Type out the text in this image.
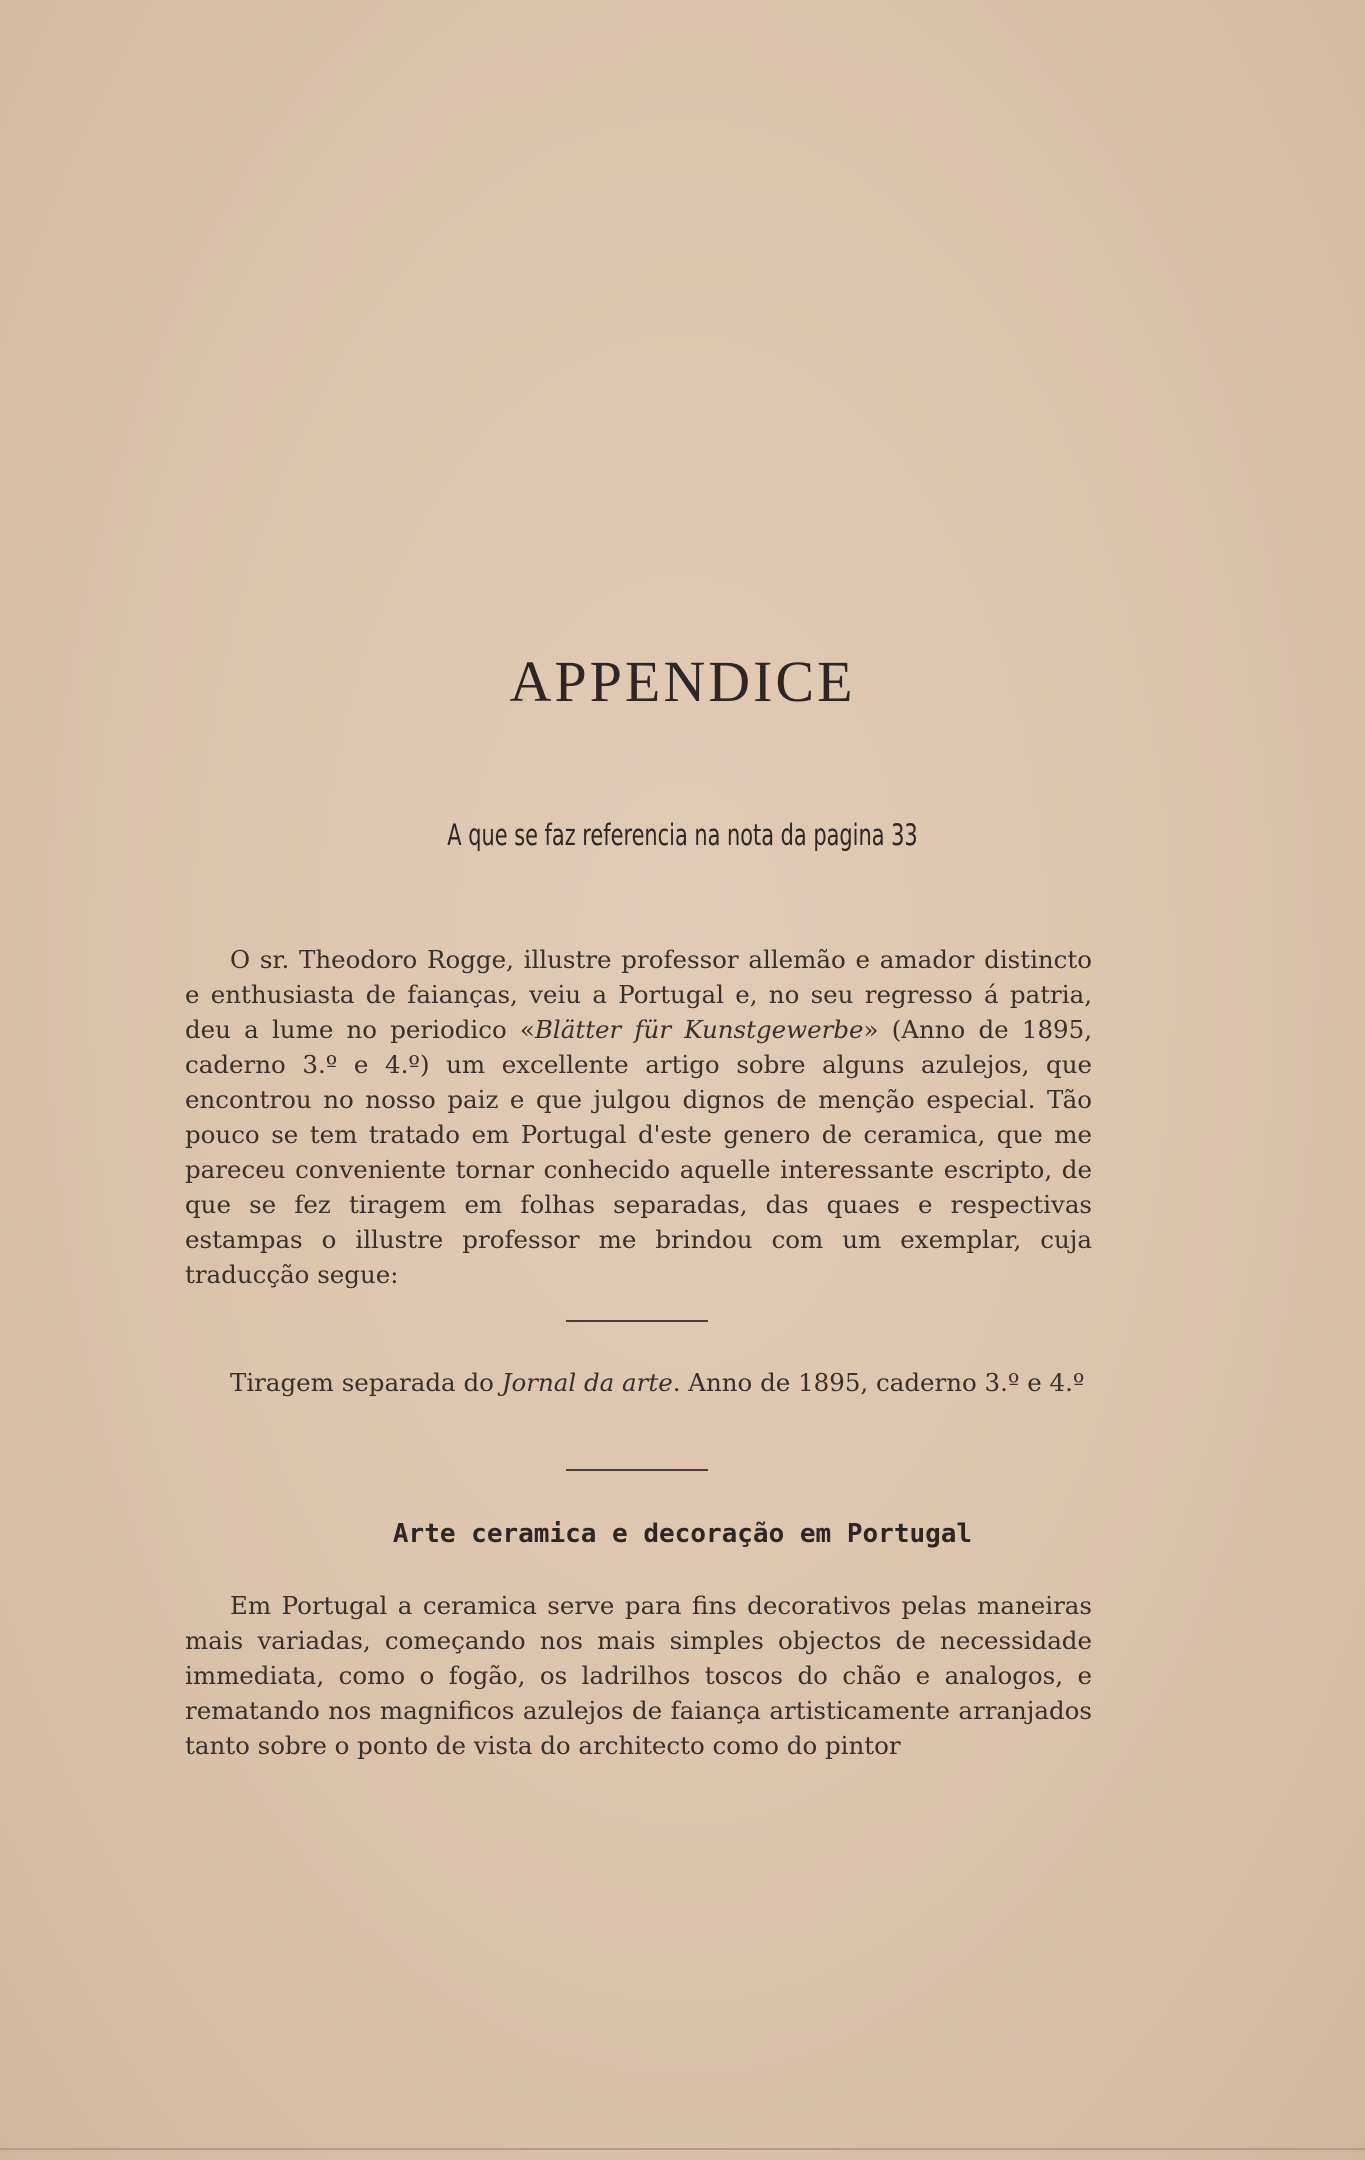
APPENDICE
A que se faz referencia na nota da pagina 33
O sr. Theodoro Rogge, illustre professor allemão e amador distincto e enthusiasta de faianças, veiu a Portugal e, no seu regresso á patria, deu a lume no periodico «Blätter für Kunstgewerbe» (Anno de 1895, caderno 3.º e 4.º) um excellente artigo sobre alguns azulejos, que encontrou no nosso paiz e que julgou dignos de menção especial. Tão pouco se tem tratado em Portugal d'este genero de ceramica, que me pareceu conveniente tornar conhecido aquelle interessante escripto, de que se fez tiragem em folhas separadas, das quaes e respectivas estampas o illustre professor me brindou com um exemplar, cuja traducção segue:
Tiragem separada do Jornal da arte. Anno de 1895, caderno 3.º e 4.º
Arte ceramica e decoração em Portugal
Em Portugal a ceramica serve para fins decorativos pelas maneiras mais variadas, começando nos mais simples objectos de necessidade immediata, como o fogão, os ladrilhos toscos do chão e analogos, e rematando nos magnificos azulejos de faiança artisticamente arranjados tanto sobre o ponto de vista do architecto como do pintor
